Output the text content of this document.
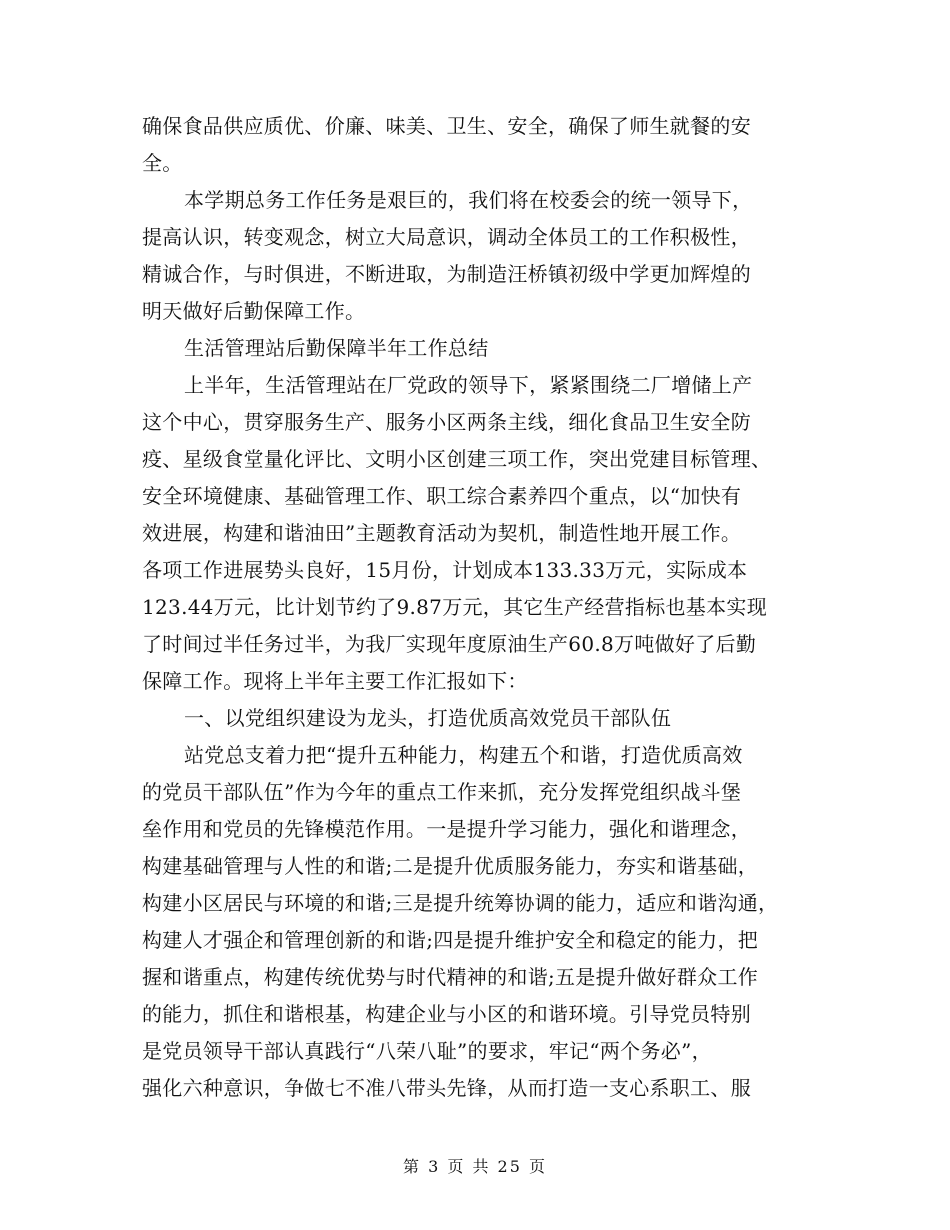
确保食品供应质优、价廉、味美、卫生、安全，确保了师生就餐的安
全。
本学期总务工作任务是艰巨的，我们将在校委会的统一领导下，
提高认识，转变观念，树立大局意识，调动全体员工的工作积极性，
精诚合作，与时俱进，不断进取，为制造汪桥镇初级中学更加辉煌的
明天做好后勤保障工作。
生活管理站后勤保障半年工作总结
上半年，生活管理站在厂党政的领导下，紧紧围绕二厂增储上产
这个中心，贯穿服务生产、服务小区两条主线，细化食品卫生安全防
疫、星级食堂量化评比、文明小区创建三项工作，突出党建目标管理、
安全环境健康、基础管理工作、职工综合素养四个重点，以“加快有
效进展，构建和谐油田”主题教育活动为契机，制造性地开展工作。
各项工作进展势头良好，15月份，计划成本133.33万元，实际成本
123.44万元，比计划节约了9.87万元，其它生产经营指标也基本实现
了时间过半任务过半，为我厂实现年度原油生产60.8万吨做好了后勤
保障工作。现将上半年主要工作汇报如下：
一、以党组织建设为龙头，打造优质高效党员干部队伍
站党总支着力把“提升五种能力，构建五个和谐，打造优质高效
的党员干部队伍”作为今年的重点工作来抓，充分发挥党组织战斗堡
垒作用和党员的先锋模范作用。一是提升学习能力，强化和谐理念，
构建基础管理与人性的和谐;二是提升优质服务能力，夯实和谐基础，
构建小区居民与环境的和谐;三是提升统筹协调的能力，适应和谐沟通，
构建人才强企和管理创新的和谐;四是提升维护安全和稳定的能力，把
握和谐重点，构建传统优势与时代精神的和谐;五是提升做好群众工作
的能力，抓住和谐根基，构建企业与小区的和谐环境。引导党员特别
是党员领导干部认真践行“八荣八耻”的要求，牢记“两个务必”，
强化六种意识，争做七不准八带头先锋，从而打造一支心系职工、服
第 3 页 共 25 页
